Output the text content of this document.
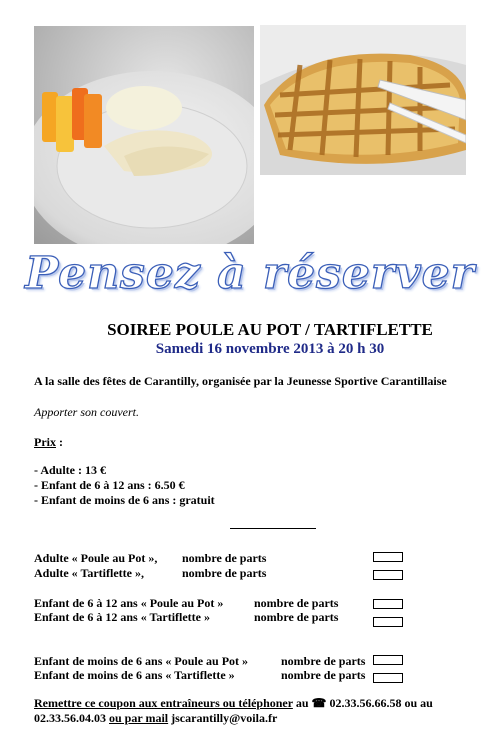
Pensez à réserver
SOIREE POULE AU POT / TARTIFLETTE
Samedi 16 novembre 2013 à 20 h 30
A la salle des fêtes de Carantilly, organisée par la Jeunesse Sportive Carantillaise
Apporter son couvert.
Prix :
- Adulte : 13 €
- Enfant de 6 à 12 ans : 6.50 €
- Enfant de moins de 6 ans : gratuit
Adulte « Poule au Pot », nombre de parts
Adulte « Tartiflette »,	nombre de parts
Enfant de 6 à 12 ans « Poule au Pot »	nombre de parts
Enfant de 6 à 12 ans « Tartiflette »	nombre de parts
Enfant de moins de 6 ans « Poule au Pot »	nombre de parts
Enfant de moins de 6 ans « Tartiflette »	nombre de parts
Remettre ce coupon aux entraîneurs ou téléphoner au ☎ 02.33.56.66.58 ou au
02.33.56.04.03 ou par mail jscarantilly@voila.fr
